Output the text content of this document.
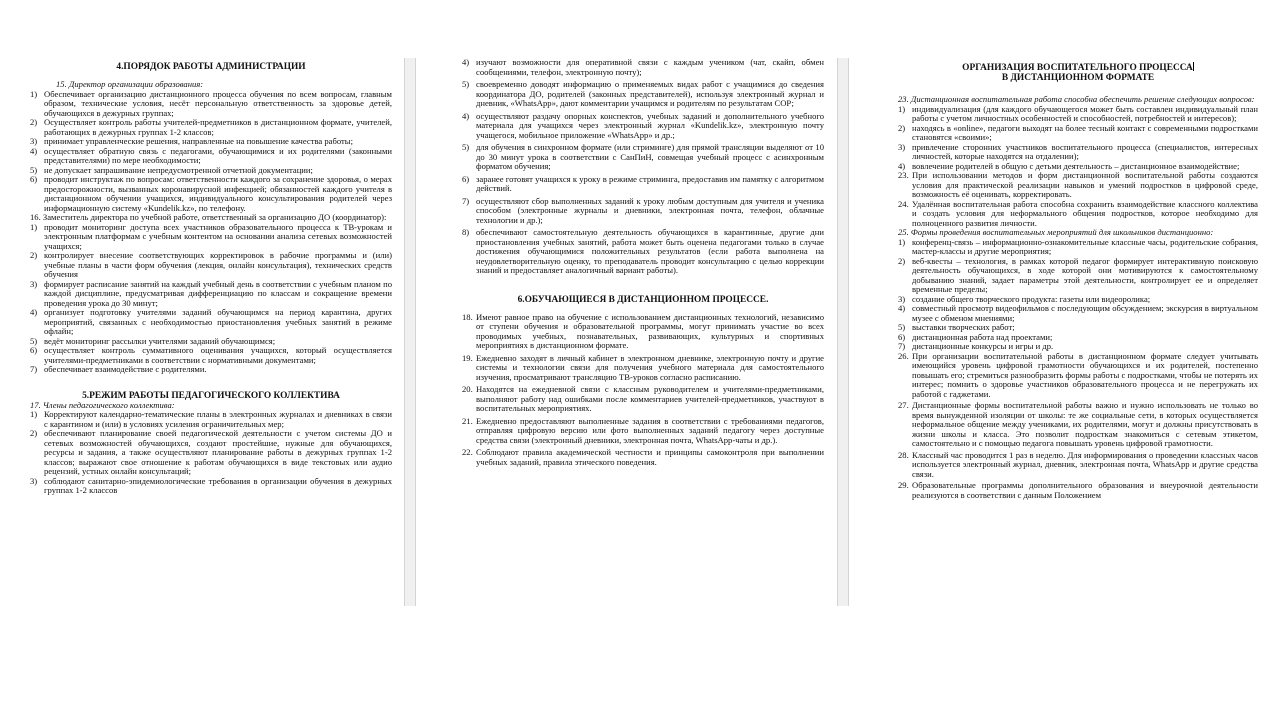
4.ПОРЯДОК РАБОТЫ АДМИНИСТРАЦИИ

15. Директор организации образования:

1) Обеспечивает организацию дистанционного процесса обучения по всем вопросам, главным образом, технические условия, несёт персональную ответственность за здоровье детей, обучающихся в дежурных группах;
2) Осуществляет контроль работы учителей-предметников в дистанционном формате, учителей, работающих в дежурных группах 1-2 классов;
3) принимает управленческие решения, направленные на повышение качества работы;
4) осуществляет обратную связь с педагогами, обучающимися и их родителями (законными представителями) по мере необходимости;
5) не допускает запрашивание непредусмотренной отчетной документации;
6) проводит инструктаж по вопросам: ответственности каждого за сохранение здоровья, о мерах предосторожности, вызванных коронавирусной инфекцией; обязанностей каждого учителя в дистанционном обучении учащихся, индивидуального консультирования родителей через информационную систему «Kundelik.kz», по телефону.

16. Заместитель директора по учебной работе, ответственный за организацию ДО (координатор):

1) проводит мониторинг доступа всех участников образовательного процесса к ТВ-урокам и электронным платформам с учебным контентом на основании анализа сетевых возможностей учащихся;
2) контролирует внесение соответствующих корректировок в рабочие программы и (или) учебные планы в части форм обучения (лекция, онлайн консультация), технических средств обучения
3) формирует расписание занятий на каждый учебный день в соответствии с учебным планом по каждой дисциплине, предусматривая дифференциацию по классам и сокращение времени проведения урока до 30 минут;
4) организует подготовку учителями заданий обучающимся на период карантина, других мероприятий, связанных с необходимостью приостановления учебных занятий в режиме офлайн;
5) ведёт мониторинг рассылки учителями заданий обучающимся;
6) осуществляет контроль суммативного оценивания учащихся, который осуществляется учителями-предметниками в соответствии с нормативными документами;
7) обеспечивает взаимодействие с родителями.

5.РЕЖИМ РАБОТЫ ПЕДАГОГИЧЕСКОГО КОЛЛЕКТИВА

17. Члены педагогического коллектива:

1) Корректируют календарно-тематические планы в электронных журналах и дневниках в связи с карантином и (или) в условиях усиления ограничительных мер;
2) обеспечивают планирование своей педагогической деятельности с учетом системы ДО и сетевых возможностей обучающихся, создают простейшие, нужные для обучающихся, ресурсы и задания, а также осуществляют планирование работы в дежурных группах 1-2 классов; выражают свое отношение к работам обучающихся в виде текстовых или аудио рецензий, устных онлайн консультаций;
3) соблюдают санитарно-эпидемиологические требования в организации обучения в дежурных группах 1-2 классов
4) изучают возможности для оперативной связи с каждым учеником (чат, скайп, обмен сообщениями, телефон, электронную почту);
5) своевременно доводят информацию о применяемых видах работ с учащимися до сведения координатора ДО, родителей (законных представителей), используя электронный журнал и дневник, «WhatsApp», дают комментарии учащимся и родителям по результатам СОР;
4) осуществляют раздачу опорных конспектов, учебных заданий и дополнительного учебного материала для учащихся через электронный журнал «Kundelik.kz», электронную почту учащегося, мобильное приложение «WhatsApp» и др.;
5) для обучения в синхронном формате (или стриминге) для прямой трансляции выделяют от 10 до 30 минут урока в соответствии с СанПиН, совмещая учебный процесс с асинхронным форматом обучения;
6) заранее готовят учащихся к уроку в режиме стриминга, предоставив им памятку с алгоритмом действий.
7) осуществляют сбор выполненных заданий к уроку любым доступным для учителя и ученика способом (электронные журналы и дневники, электронная почта, телефон, облачные технологии и др.);
8) обеспечивают самостоятельную деятельность обучающихся в карантинные, другие дни приостановления учебных занятий, работа может быть оценена педагогами только в случае достижения обучающимися положительных результатов (если работа выполнена на неудовлетворительную оценку, то преподаватель проводит консультацию с целью коррекции знаний и предоставляет аналогичный вариант работы).

6.ОБУЧАЮЩИЕСЯ В ДИСТАНЦИОННОМ ПРОЦЕССЕ.

18. Имеют равное право на обучение с использованием дистанционных технологий, независимо от ступени обучения и образовательной программы, могут принимать участие во всех проводимых учебных, познавательных, развивающих, культурных и спортивных мероприятиях в дистанционном формате.
19. Ежедневно заходят в личный кабинет в электронном дневнике, электронную почту и другие системы и технологии связи для получения учебного материала для самостоятельного изучения, просматривают трансляцию ТВ-уроков согласно расписанию.
20. Находятся на ежедневной связи с классным руководителем и учителями-предметниками, выполняют работу над ошибками после комментариев учителей-предметников, участвуют в воспитательных мероприятиях.
21. Ежедневно предоставляют выполненные задания в соответствии с требованиями педагогов, отправляя цифровую версию или фото выполненных заданий педагогу через доступные средства связи (электронный дневники, электронная почта, WhatsApp-чаты и др.).
22. Соблюдают правила академической честности и принципы самоконтроля при выполнении учебных заданий, правила этического поведения.

ОРГАНИЗАЦИЯ ВОСПИТАТЕЛЬНОГО ПРОЦЕССА

В ДИСТАНЦИОННОМ ФОРМАТЕ

23. Дистанционная воспитательная работа способна обеспечить решение следующих вопросов:

1) индивидуализация (для каждого обучающегося может быть составлен индивидуальный план работы с учетом личностных особенностей и способностей, потребностей и интересов);
2) находясь в «online», педагоги выходят на более тесный контакт с современными подростками становятся «своими»;
3) привлечение сторонних участников воспитательного процесса (специалистов, интересных личностей, которые находятся на отдалении);
4) вовлечение родителей в общую с детьми деятельность – дистанционное взаимодействие;
23. При использовании методов и форм дистанционной воспитательной работы создаются условия для практической реализации навыков и умений подростков в цифровой среде, возможность её оценивать, корректировать.
24. Удалённая воспитательная работа способна сохранить взаимодействие классного коллектива и создать условия для неформального общения подростков, которое необходимо для полноценного развития личности.

25. Формы проведения воспитательных мероприятий для школьников дистанционно:

1) конференц-связь – информационно-ознакомительные классные часы, родительские собрания, мастер-классы и другие мероприятия;
2) веб-квесты – технология, в рамках которой педагог формирует интерактивную поисковую деятельность обучающихся, в ходе которой они мотивируются к самостоятельному добыванию знаний, задает параметры этой деятельности, контролирует ее и определяет временные пределы;
3) создание общего творческого продукта: газеты или видеоролика;
4) совместный просмотр видеофильмов с последующим обсуждением; экскурсия в виртуальном музее с обменом мнениями;
5) выставки творческих работ;
6) дистанционная работа над проектами;
7) дистанционные конкурсы и игры и др.
26. При организации воспитательной работы в дистанционном формате следует учитывать имеющийся уровень цифровой грамотности обучающихся и их родителей, постепенно повышать его; стремиться разнообразить формы работы с подростками, чтобы не потерять их интерес; помнить о здоровье участников образовательного процесса и не перегружать их работой с гаджетами.
27. Дистанционные формы воспитательной работы важно и нужно использовать не только во время вынужденной изоляции от школы: те же социальные сети, в которых осуществляется неформальное общение между учениками, их родителями, могут и должны присутствовать в жизни школы и класса. Это позволит подросткам знакомиться с сетевым этикетом, самостоятельно и с помощью педагога повышать уровень цифровой грамотности.
28. Классный час проводится 1 раз в неделю. Для информирования о проведении классных часов используется электронный журнал, дневник, электронная почта, WhatsApp и другие средства связи.
29. Образовательные программы дополнительного образования и внеурочной деятельности реализуются в соответствии с данным Положением
